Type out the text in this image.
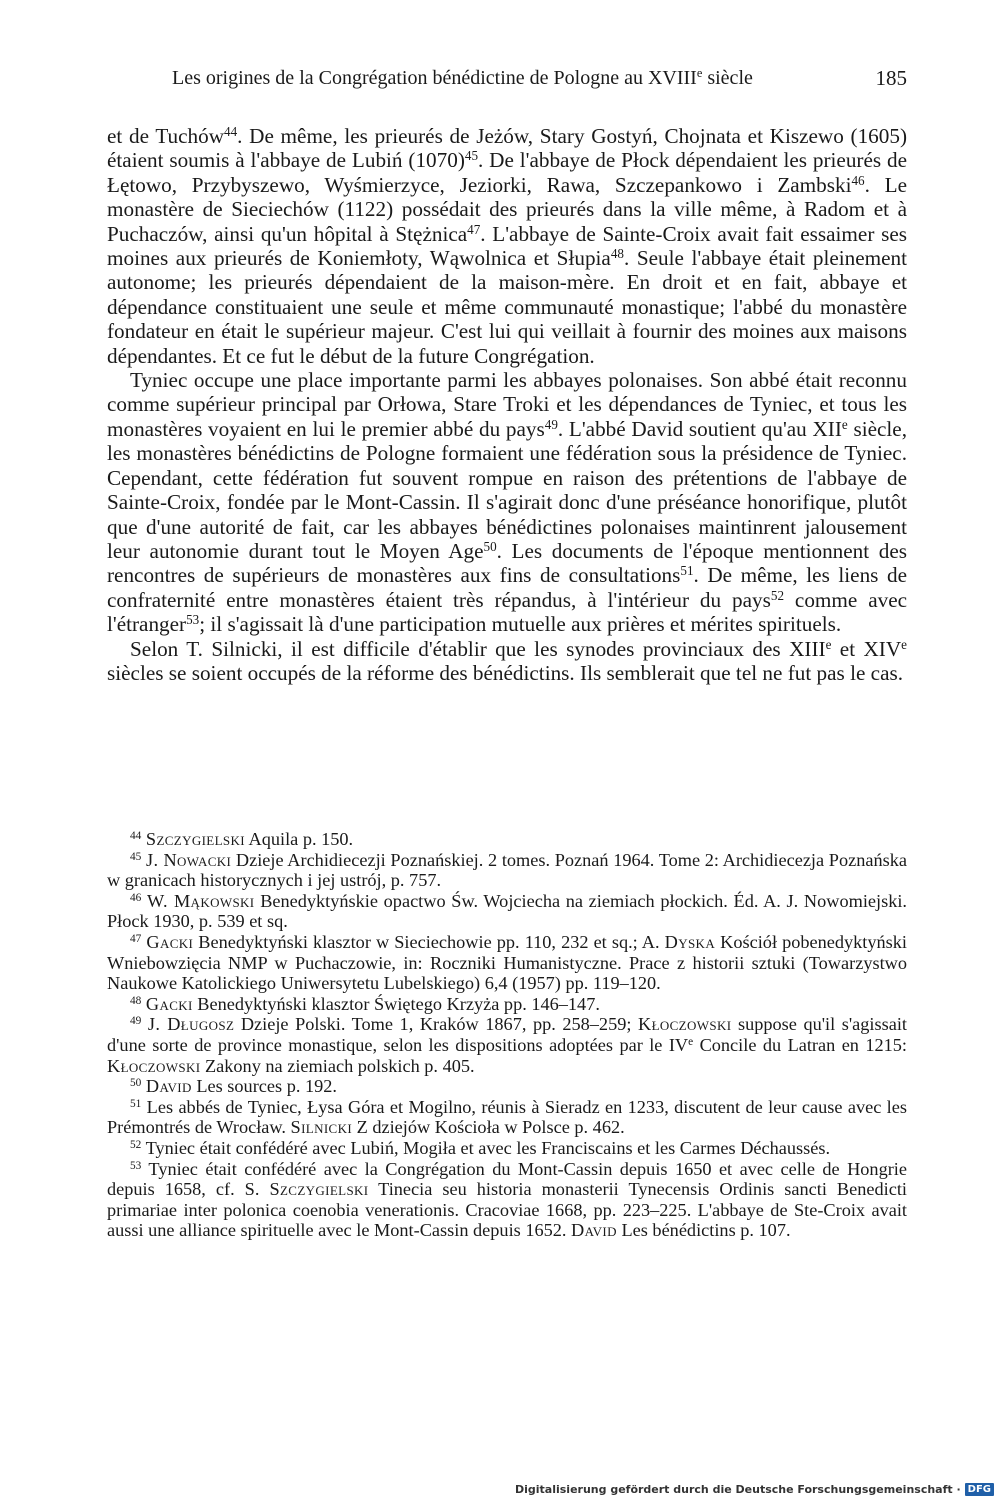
Les origines de la Congrégation bénédictine de Pologne au XVIIIe siècle	185

et de Tuchów$^{44}$. De même, les prieurés de Jeżów, Stary Gostyń, Chojnata et Kiszewo (1605) étaient soumis à l'abbaye de Lubiń $(1070)^{45}$. De l'abbaye de Płock dépendaient les prieurés de Łętowo, Przybyszewo, Wyśmierzyce, Jeziorki, Rawa, Szczepankowo i Zambski$^{46}$. Le monastère de Sieciechów (1122) possédait des prieurés dans la ville même, à Radom et à Puchaczów, ainsi qu'un hôpital à Stężnica$^{47}$. L'abbaye de Sainte-Croix avait fait essaimer ses moines aux prieurés de Koniemłoty, Wąwolnica et Słupia$^{48}$. Seule l'abbaye était pleinement autonome; les prieurés dépendaient de la maison-mère. En droit et en fait, abbaye et dépendance constituaient une seule et même communauté monastique; l'abbé du monastère fondateur en était le supérieur majeur. C'est lui qui veillait à fournir des moines aux maisons dépendantes. Et ce fut le début de la future Congrégation.

Tyniec occupe une place importante parmi les abbayes polonaises. Son abbé était reconnu comme supérieur principal par Orłowa, Stare Troki et les dépendances de Tyniec, et tous les monastères voyaient en lui le premier abbé du pays$^{49}$. L'abbé David soutient qu'au XIIe siècle, les monastères bénédictins de Pologne formaient une fédération sous la présidence de Tyniec. Cependant, cette fédération fut souvent rompue en raison des prétentions de l'abbaye de Sainte-Croix, fondée par le Mont-Cassin. Il s'agirait donc d'une préséance honorifique, plutôt que d'une autorité de fait, car les abbayes bénédictines polonaises maintinrent jalousement leur autonomie durant tout le Moyen Age$^{50}$. Les documents de l'époque mentionnent des rencontres de supérieurs de monastères aux fins de consultations$^{51}$. De même, les liens de confraternité entre monastères étaient très répandus, à l'intérieur du pays$^{52}$ comme avec l'étranger$^{53}$; il s'agissait là d'une participation mutuelle aux prières et mérites spirituels.

Selon T. Silnicki, il est difficile d'établir que les synodes provinciaux des XIIIe et XIVe siècles se soient occupés de la réforme des bénédictins. Ils semblerait que tel ne fut pas le cas.

$^{44}$ Szczygielski Aquila p. 150.

$^{45}$ J. Nowacki Dzieje Archidiecezji Poznańskiej. 2 tomes. Poznań 1964. Tome 2: Archidiecezja Poznańska w granicach historycznych i jej ustrój, p. 757.

$^{46}$ W. Mąkowski Benedyktyńskie opactwo Św. Wojciecha na ziemiach płockich. Éd. A. J. Nowomiejski. Płock 1930, p. 539 et sq.

$^{47}$ Gacki Benedyktyński klasztor w Sieciechowie pp. 110, 232 et sq.; A. Dyska Kościół pobenedyktyński Wniebowzięcia NMP w Puchaczowie, in: Roczniki Humanistyczne. Prace z historii sztuki (Towarzystwo Naukowe Katolickiego Uniwersytetu Lubelskiego) 6,4 (1957) pp. 119–120.

$^{48}$ Gacki Benedyktyński klasztor Świętego Krzyża pp. 146–147.

$^{49}$ J. Długosz Dzieje Polski. Tome 1, Kraków 1867, pp. 258–259; Kłoczowski suppose qu'il s'agissait d'une sorte de province monastique, selon les dispositions adoptées par le IVe Concile du Latran en 1215: Kłoczowski Zakony na ziemiach polskich p. 405.

$^{50}$ David Les sources p. 192.

$^{51}$ Les abbés de Tyniec, Łysa Góra et Mogilno, réunis à Sieradz en 1233, discutent de leur cause avec les Prémontrés de Wrocław. Silnicki Z dziejów Kościoła w Polsce p. 462.

$^{52}$ Tyniec était confédéré avec Lubiń, Mogiła et avec les Franciscains et les Carmes Déchaussés.

$^{53}$ Tyniec était confédéré avec la Congrégation du Mont-Cassin depuis 1650 et avec celle de Hongrie depuis 1658, cf. S. Szczygielski Tinecia seu historia monasterii Tynecensis Ordinis sancti Benedicti primariae inter polonica coenobia venerationis. Cracoviae 1668, pp. 223–225. L'abbaye de Ste-Croix avait aussi une alliance spirituelle avec le Mont-Cassin depuis 1652. David Les bénédictins p. 107.

Digitalisierung gefördert durch die Deutsche Forschungsgemeinschaft · DFG
